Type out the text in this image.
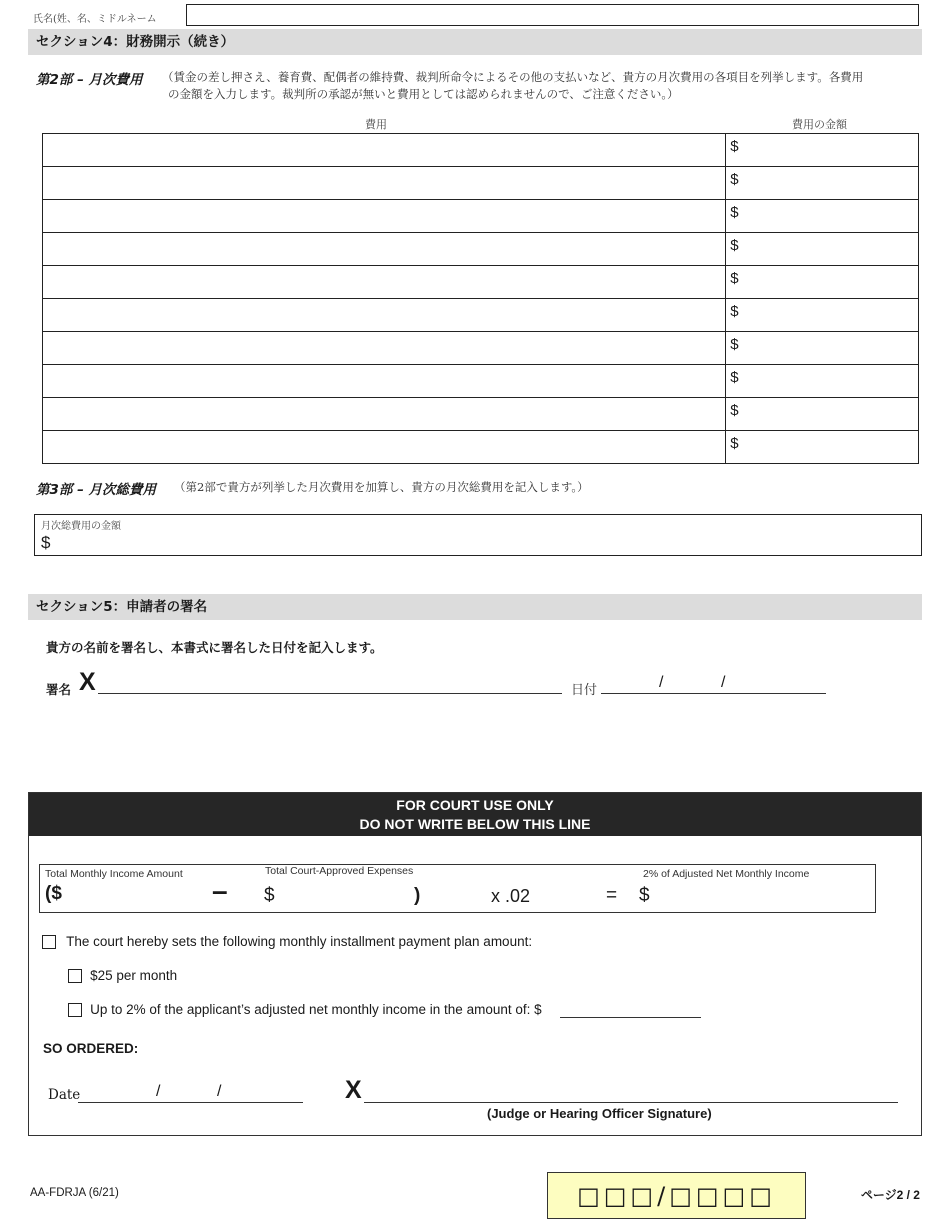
氏名(姓、名、ミドルネーム
セクション4：財務開示（続き）
第2部 – 月次費用 （賃金の差し押さえ、養育費、配偶者の維持費、裁判所命令によるその他の支払いなど、貴方の月次費用の各項目を列挙します。各費用
の金額を入力します。裁判所の承認が無いと費用としては認められませんので、ご注意ください。）
費用	費用の金額
	$
	$
	$
	$
	$
	$
	$
	$
	$
	$
第3部 – 月次総費用 （第2部で貴方が列挙した月次費用を加算し、貴方の月次総費用を記入します。）
月次総費用の金額
$
セクション5：申請者の署名
貴方の名前を署名し、本書式に署名した日付を記入します。
署名 X	日付	/	/
FOR COURT USE ONLY
DO NOT WRITE BELOW THIS LINE
Total Monthly Income Amount	Total Court-Approved Expenses	2% of Adjusted Net Monthly Income
($	– $	)	x .02	= $
The court hereby sets the following monthly installment payment plan amount:
$25 per month
Up to 2% of the applicant’s adjusted net monthly income in the amount of: $
SO ORDERED:
Date	/	/	X
(Judge or Hearing Officer Signature)
AA-FDRJA (6/21)	□□□/□□□□	ページ2 / 2
